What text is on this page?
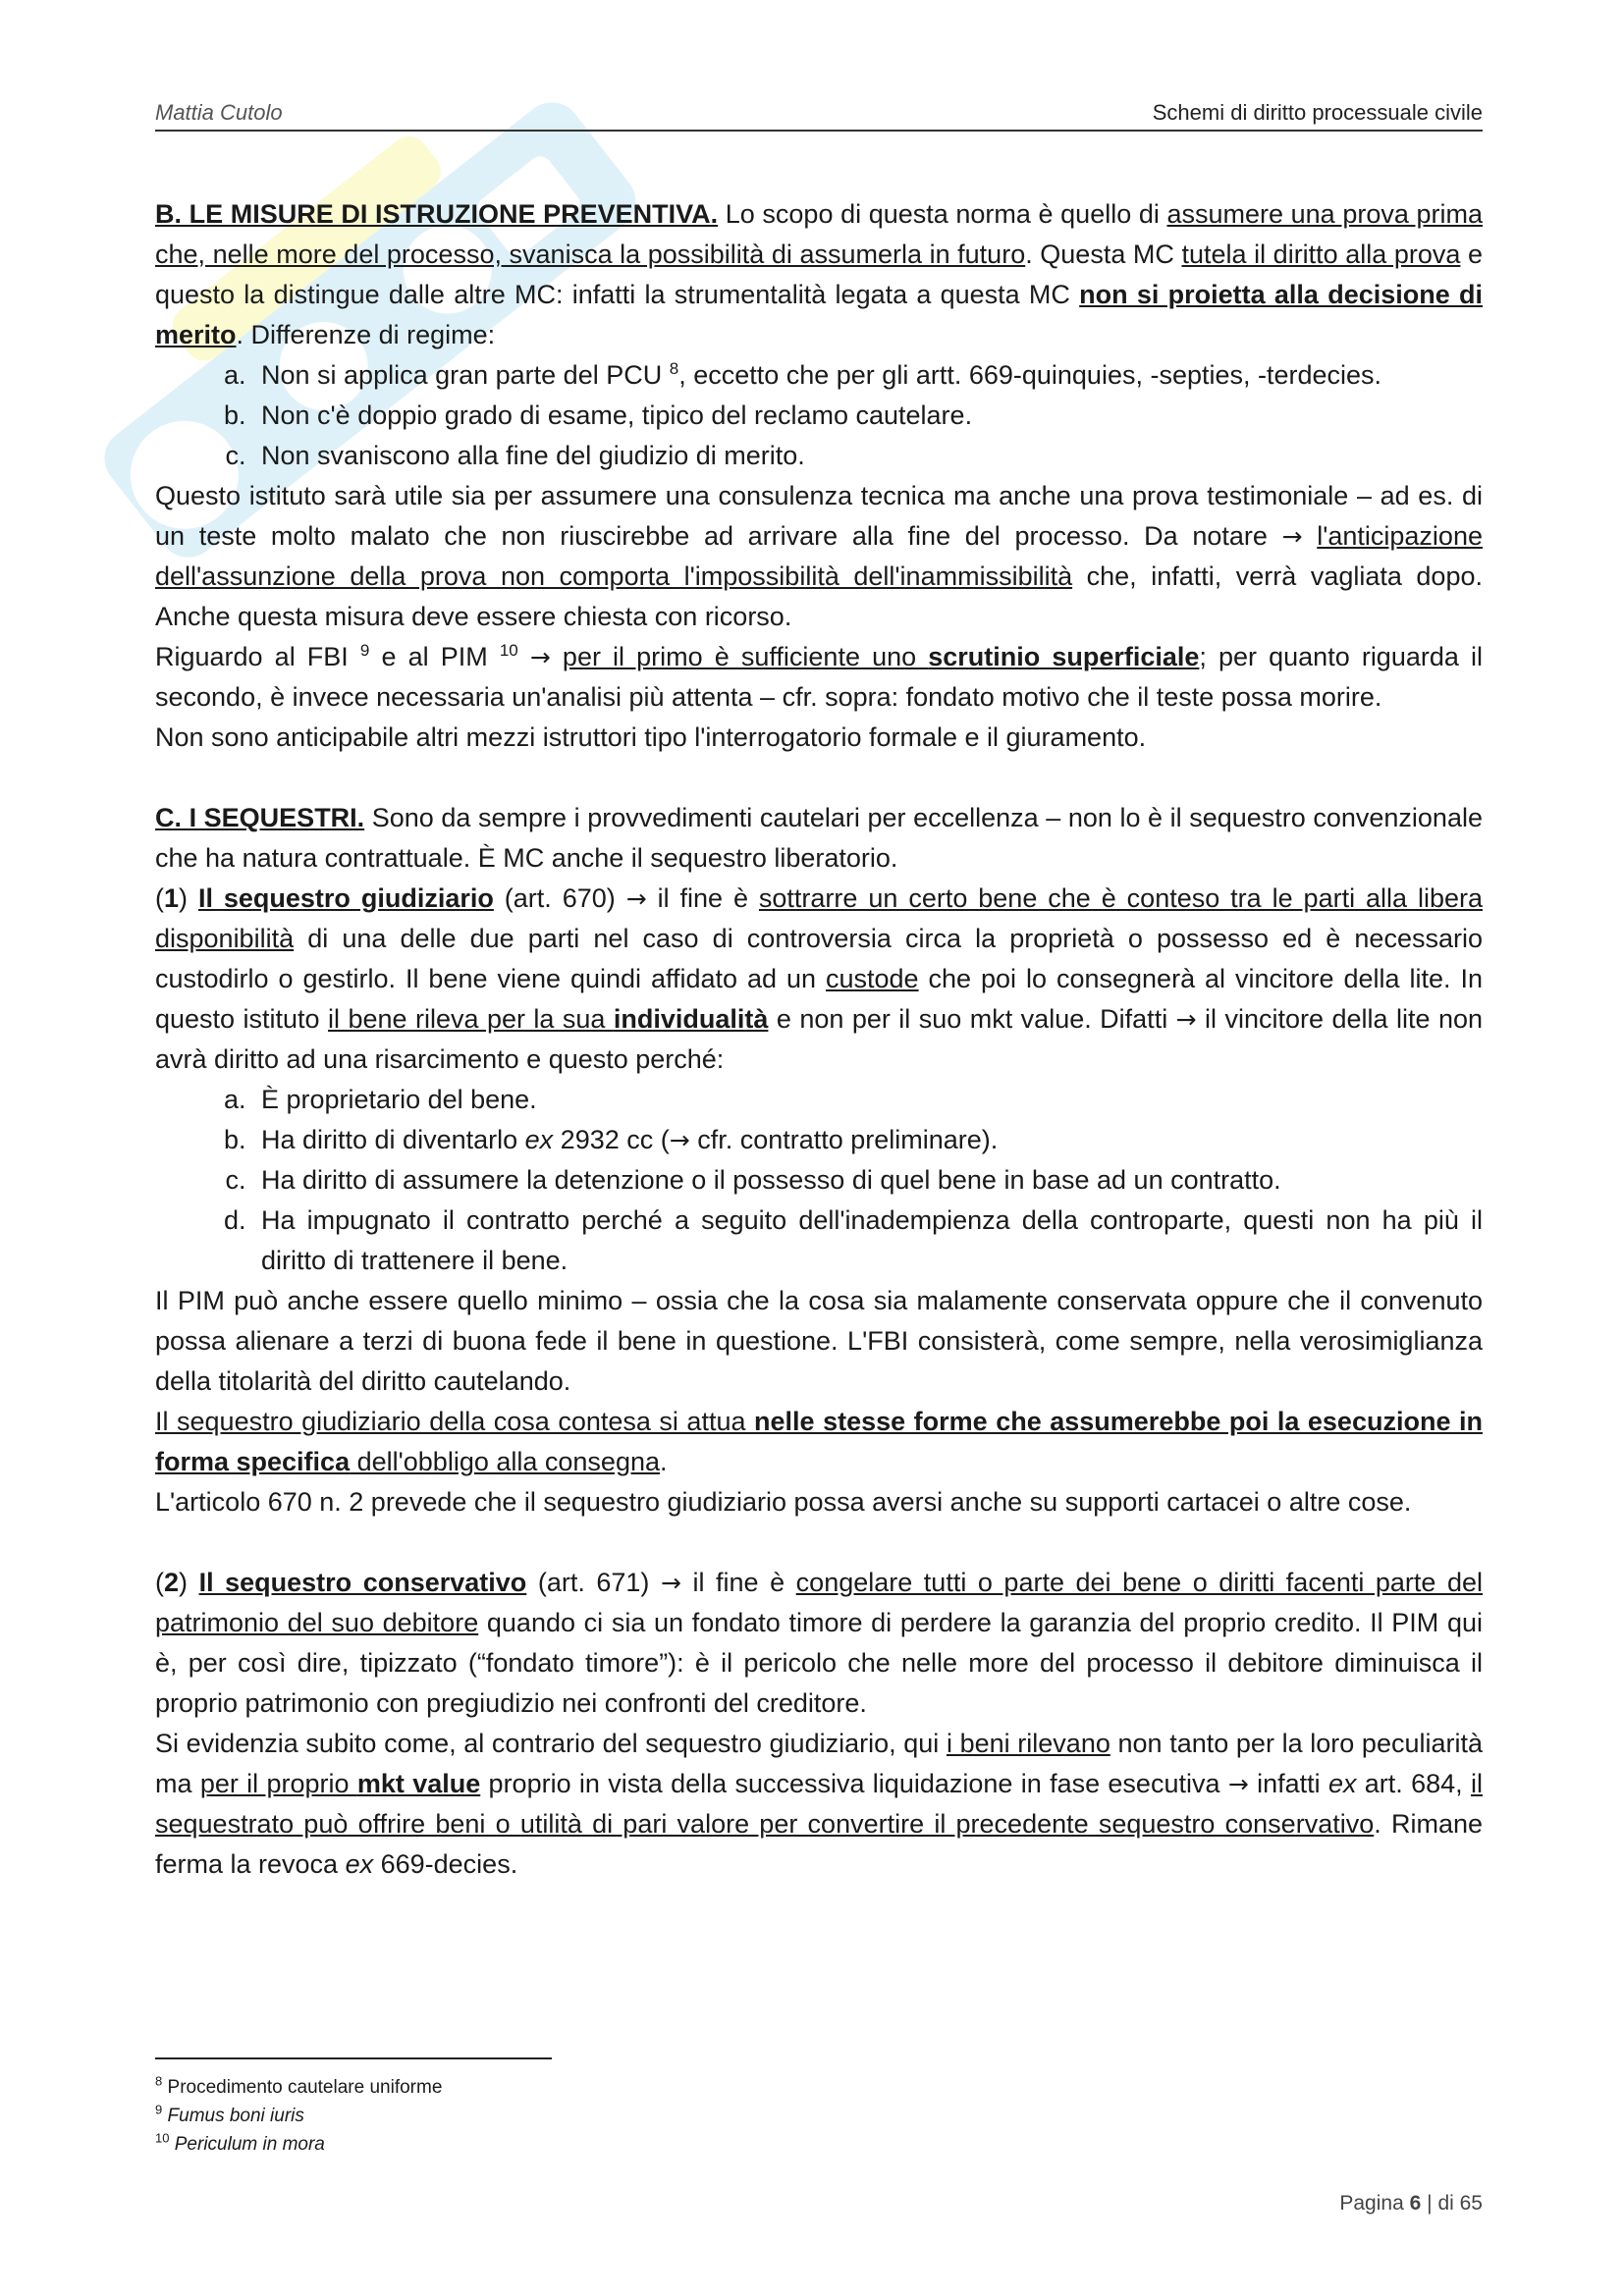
Mattia Cutolo	Schemi di diritto processuale civile

B. LE MISURE DI ISTRUZIONE PREVENTIVA. Lo scopo di questa norma è quello di assumere una prova prima che, nelle more del processo, svanisca la possibilità di assumerla in futuro. Questa MC tutela il diritto alla prova e questo la distingue dalle altre MC: infatti la strumentalità legata a questa MC non si proietta alla decisione di merito. Differenze di regime:

a. Non si applica gran parte del PCU $^8$, eccetto che per gli artt. 669-quinquies, -septies, -terdecies.
b. Non c'è doppio grado di esame, tipico del reclamo cautelare.
c. Non svaniscono alla fine del giudizio di merito.

Questo istituto sarà utile sia per assumere una consulenza tecnica ma anche una prova testimoniale – ad es. di un teste molto malato che non riuscirebbe ad arrivare alla fine del processo. Da notare → l'anticipazione dell'assunzione della prova non comporta l'impossibilità dell'inammissibilità che, infatti, verrà vagliata dopo. Anche questa misura deve essere chiesta con ricorso.

Riguardo al FBI $^9$ e al PIM $^{10}$ → per il primo è sufficiente uno scrutinio superficiale; per quanto riguarda il secondo, è invece necessaria un'analisi più attenta – cfr. sopra: fondato motivo che il teste possa morire.

Non sono anticipabile altri mezzi istruttori tipo l'interrogatorio formale e il giuramento.

C. I SEQUESTRI. Sono da sempre i provvedimenti cautelari per eccellenza – non lo è il sequestro convenzionale che ha natura contrattuale. È MC anche il sequestro liberatorio.

(1) Il sequestro giudiziario (art. 670) → il fine è sottrarre un certo bene che è conteso tra le parti alla libera disponibilità di una delle due parti nel caso di controversia circa la proprietà o possesso ed è necessario custodirlo o gestirlo. Il bene viene quindi affidato ad un custode che poi lo consegnerà al vincitore della lite. In questo istituto il bene rileva per la sua individualità e non per il suo mkt value. Difatti → il vincitore della lite non avrà diritto ad una risarcimento e questo perché:

a. È proprietario del bene.
b. Ha diritto di diventarlo ex 2932 cc (→ cfr. contratto preliminare).
c. Ha diritto di assumere la detenzione o il possesso di quel bene in base ad un contratto.
d. Ha impugnato il contratto perché a seguito dell'inadempienza della controparte, questi non ha più il diritto di trattenere il bene.

Il PIM può anche essere quello minimo – ossia che la cosa sia malamente conservata oppure che il convenuto possa alienare a terzi di buona fede il bene in questione. L'FBI consisterà, come sempre, nella verosimiglianza della titolarità del diritto cautelando.

Il sequestro giudiziario della cosa contesa si attua nelle stesse forme che assumerebbe poi la esecuzione in forma specifica dell'obbligo alla consegna.

L'articolo 670 n. 2 prevede che il sequestro giudiziario possa aversi anche su supporti cartacei o altre cose.

(2) Il sequestro conservativo (art. 671) → il fine è congelare tutti o parte dei bene o diritti facenti parte del patrimonio del suo debitore quando ci sia un fondato timore di perdere la garanzia del proprio credito. Il PIM qui è, per così dire, tipizzato (“fondato timore”): è il pericolo che nelle more del processo il debitore diminuisca il proprio patrimonio con pregiudizio nei confronti del creditore.

Si evidenzia subito come, al contrario del sequestro giudiziario, qui i beni rilevano non tanto per la loro peculiarità ma per il proprio mkt value proprio in vista della successiva liquidazione in fase esecutiva → infatti ex art. 684, il sequestrato può offrire beni o utilità di pari valore per convertire il precedente sequestro conservativo. Rimane ferma la revoca ex 669-decies.

$^8$ Procedimento cautelare uniforme
$^9$ Fumus boni iuris
$^{10}$ Periculum in mora
Pagina 6 | di 65
